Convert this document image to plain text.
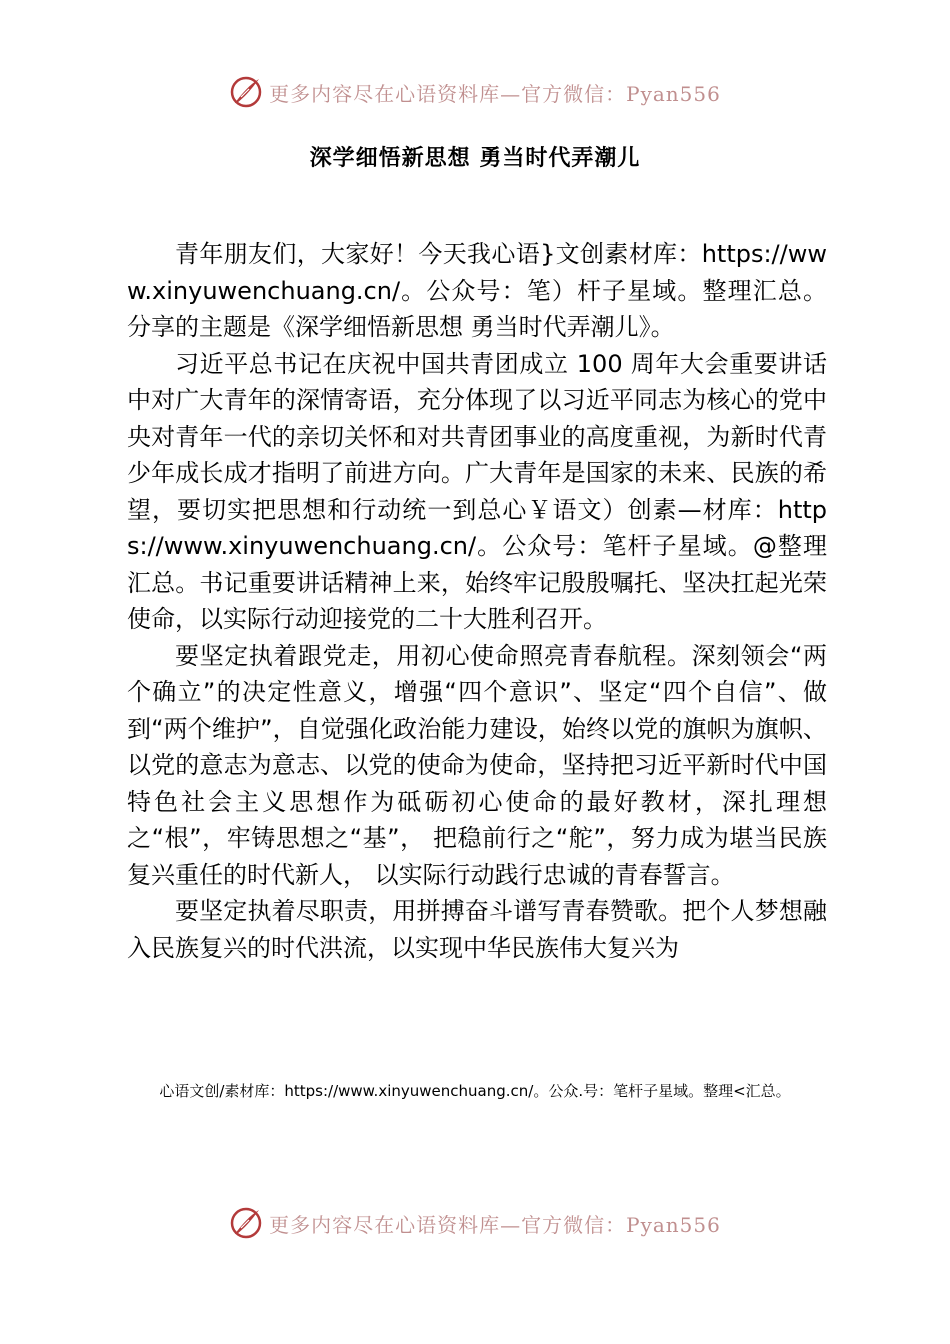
更多内容尽在心语资料库—官方微信：Pyan556
深学细悟新思想 勇当时代弄潮儿

青年朋友们，大家好！今天我心语}文创素材库：https://www.xinyuwenchuang.cn/。公众号：笔）杆子星域。整理汇总。分享的主题是《深学细悟新思想 勇当时代弄潮儿》。

习近平总书记在庆祝中国共青团成立 100 周年大会重要讲话中对广大青年的深情寄语，充分体现了以习近平同志为核心的党中央对青年一代的亲切关怀和对共青团事业的高度重视，为新时代青少年成长成才指明了前进方向。广大青年是国家的未来、民族的希望，要切实把思想和行动统一到总心￥语文）创素—材库：https://www.xinyuwenchuang.cn/。公众号：笔杆子星域。@整理汇总。书记重要讲话精神上来，始终牢记殷殷嘱托、坚决扛起光荣使命，以实际行动迎接党的二十大胜利召开。

要坚定执着跟党走，用初心使命照亮青春航程。深刻领会“两个确立”的决定性意义，增强“四个意识”、坚定“四个自信”、做到“两个维护”，自觉强化政治能力建设，始终以党的旗帜为旗帜、以党的意志为意志、以党的使命为使命，坚持把习近平新时代中国特色社会主义思想作为砥砺初心使命的最好教材，深扎理想之“根”，牢铸思想之“基”， 把稳前行之“舵”，努力成为堪当民族复兴重任的时代新人， 以实际行动践行忠诚的青春誓言。

要坚定执着尽职责，用拼搏奋斗谱写青春赞歌。把个人梦想融入民族复兴的时代洪流，以实现中华民族伟大复兴为

心语文创/素材库：https://www.xinyuwenchuang.cn/。公众.号：笔杆子星域。整理<汇总。
更多内容尽在心语资料库—官方微信：Pyan556
